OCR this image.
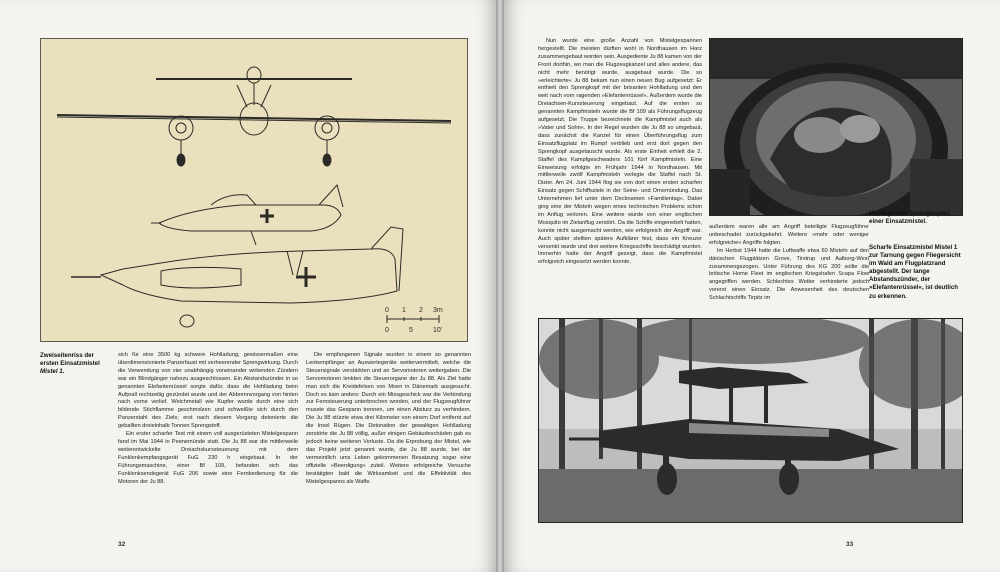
0 1 2 3m
0	5	10'
Zweiseitenriss der ersten Einsatzmistel
Mistel 1.

sich für eine 3500 kg schwere Hohlladung, gewissermaßen eine überdimensionierte Panzerfaust mit verheerender Sprengwirkung. Durch die Verwendung von vier unabhängig voneinander wirkenden Zündern war ein Blindgänger nahezu ausgeschlossen. Ein Abstandszünder in so genannten Elefantenrüssel sorgte dafür, dass die Hohlladung beim Aufprall rechtzeitig gezündet wurde und der Abbrennvorgang von hinten nach vorne verlief. Weichmetall wie Kupfer wurde durch eine sich bildende Stichflamme geschmolzen und schweißte sich durch den Panzerstahl des Ziels; erst nach diesem Vorgang detonierte die geballten dreieinhalb Tonnen Sprengstoff.

Ein erster scharfer Test mit einem voll ausgerüsteten Mistelgespann fand im Mai 1944 in Peenemünde statt. Die Ju 88 war die mittlerweile weiterentwickelte Dreiachskurssteuerung mit dem Funklenkempfangsgerät FuG 230 h eingebaut. In der Führungsmaschine, einer Bf 109, befanden sich das Funklenksendegerät FuG 206 sowie eine Fernbedienung für die Motoren der Ju 88.

Die empfangenen Signale wurden in einem so genannten Lenkempfänger an Auswertegeräte weitervermittelt, welche die Steuersignale verstärkten und an Servomotoren weitergaben. Die Servomotoren lenkten die Steuerorgane der Ju 88. Als Ziel hatte man sich die Kreidefelsen von Moen in Dänemark ausgesucht. Doch es kam anders: Durch ein Missgeschick war die Verbindung zur Fernsteuerung unterbrochen worden, und der Flugzeugführer musste das Gespann trennen, um einen Absturz zu verhindern. Die Ju 88 stürzte etwa drei Kilometer von einem Dorf entfernt auf die Insel Rügen. Die Detonation der gewaltigen Hohlladung zerstörte die Ju 88 völlig, außer einigen Gebäudeschäden gab es jedoch keine weiteren Verluste. Da die Erprobung der Mistel, wie das Projekt jetzt genannt wurde, die Ju 88 wurde, bei der vermeintlich ums Leben gekommenen Besatzung sogar eine offizielle »Beerdigung« zuteil. Weitere erfolgreiche Versuche bestätigten bald die Wirksamkeit und die Effektivität des Mistelgespanns als Waffe.

32

Nun wurde eine große Anzahl von Mistelgespannen hergestellt. Die meisten dürften wohl in Nordhausen im Harz zusammengebaut worden sein. Ausgediente Ju 88 kamen von der Front dorthin, wo man die Flugzeugkanzel und alles andere, das nicht mehr benötigt wurde, ausgebaut wurde. Die so »erleichterte« Ju 88 bekam nun einen neuen Bug aufgesetzt: Er enthielt den Sprengkopf mit der brisanten Hohlladung und den weit nach vorn ragenden »Elefantenrüssel«. Außerdem wurde die Dreiachsen-Kurssteuerung eingebaut. Auf die ersten so genannten Kampfmisteln wurde die Bf 109 als Führungsflugzeug aufgesetzt. Die Truppe bezeichnete die Kampfmistel auch als »Vater und Sohn«. In der Regel wurden die Ju 88 so umgebaut, dass zunächst die Kanzel für einen Überführungsflug zum Einsatzflugplatz im Rumpf verblieb und erst dort gegen den Sprengkopf ausgetauscht wurde. Als erste Einheit erhielt die 2. Staffel des Kampfgeschwaders 101 fünf Kampfmisteln. Eine Einweisung erfolgte im Frühjahr 1944 in Nordhausen. Mit mittlerweile zwölf Kampfmisteln verlegte die Staffel nach St. Dizier. Am 24. Juni 1944 flog sie von dort einen ersten scharfen Einsatz gegen Schiffsziele in der Seine- und Ornemündung. Das Unternehmen lief unter dem Decknamen »Familientag«. Dabei ging eine der Misteln wegen eines technischen Problems schon im Anflug verloren. Eine weitere wurde von einer englischen Mosquito im Zielanflug zerstört. Da die Schiffe eingenebelt hatten, konnte nicht ausgemacht werden, wie erfolgreich der Angriff war. Auch später stellten spätere Aufklärer fest, dass ein Kreuzer versenkt wurde und drei weitere Kriegsschiffe beschädigt wurden. Immerhin hatte der Angriff gezeigt, dass die Kampfmistel erfolgreich eingesetzt werden konnte,

Montage des Sprengkopfes einer Einsatzmistel.
Scharfe Einsatzmistel Mistel 1 zur Tarnung gegen Fliegersicht im Wald am Flugplatzrand abgestellt. Der lange Abstandszünder, der »Elefantenrüssel«, ist deutlich zu erkennen.

außerdem waren alle am Angriff beteiligte Flugzeugführer unbeschadet zurückgekehrt. Weitere »mehr oder weniger erfolgreiche« Angriffe folgten.

Im Herbst 1944 hatte die Luftwaffe etwa 60 Misteln auf den dänischen Flugplätzen Grove, Tirstrup und Aalborg-West zusammengezogen. Unter Führung des KG 200 sollte die britische Home Fleet im englischen Kriegshafen Scapa Flow angegriffen werden. Schlechtes Wetter verhinderte jedoch vorerst einen Einsatz. Die Anwesenheit des deutschen Schlachtschiffs Tirpitz im

33
